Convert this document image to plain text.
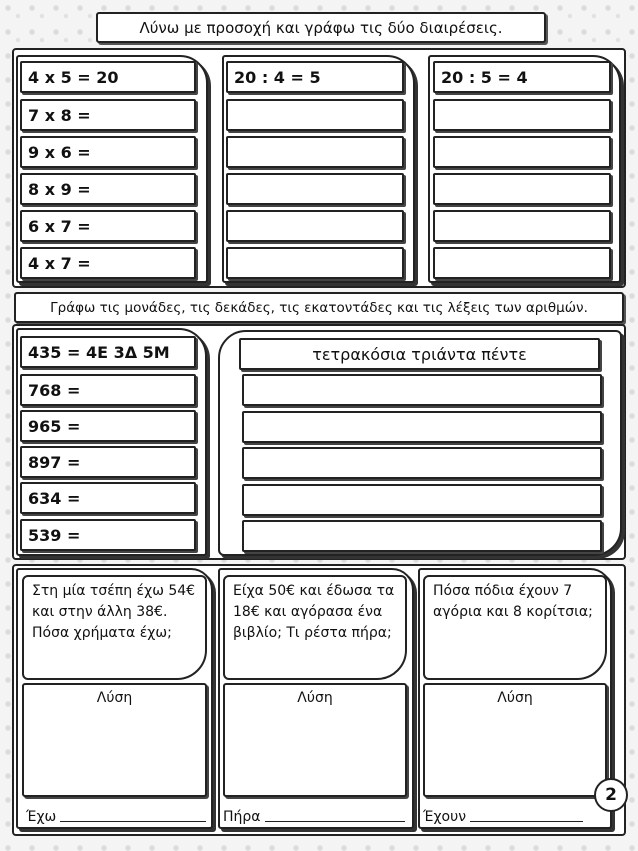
Λύνω με προσοχή και γράφω τις δύο διαιρέσεις.
4 x 5 = 20
7 x 8 =
9 x 6 =
8 x 9 =
6 x 7 =
4 x 7 =
20 : 4 = 5	20 : 5 = 4
Γράφω τις μονάδες, τις δεκάδες, τις εκατοντάδες και τις λέξεις των αριθμών.
435 = 4Ε 3Δ 5Μ
768 =
965 =
897 =
634 =
539 =
τετρακόσια τριάντα πέντε
Στη μία τσέπη έχω 54€ και στην άλλη 38€. Πόσα χρήματα έχω;
Λύση
Έχω
Είχα 50€ και έδωσα τα 18€ και αγόρασα ένα βιβλίο; Τι ρέστα πήρα;
Λύση
Πήρα
Πόσα πόδια έχουν 7 αγόρια και 8 κορίτσια;
Λύση
Έχουν
2
